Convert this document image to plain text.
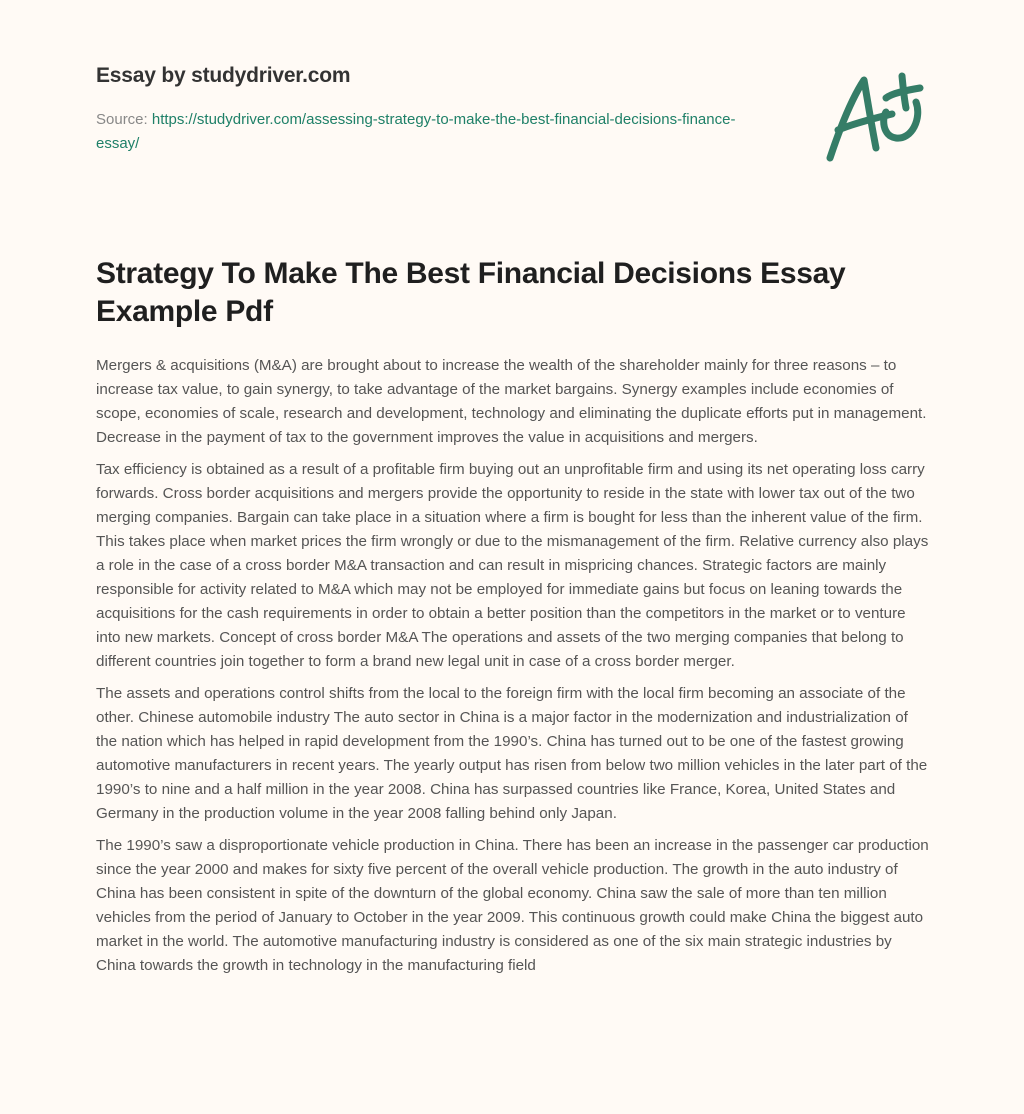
Essay by studydriver.com
Source: https://studydriver.com/assessing-strategy-to-make-the-best-financial-decisions-finance-essay/
Strategy To Make The Best Financial Decisions Essay Example Pdf

Mergers & acquisitions (M&A) are brought about to increase the wealth of the shareholder mainly for three reasons – to increase tax value, to gain synergy, to take advantage of the market bargains. Synergy examples include economies of scope, economies of scale, research and development, technology and eliminating the duplicate efforts put in management. Decrease in the payment of tax to the government improves the value in acquisitions and mergers.

Tax efficiency is obtained as a result of a profitable firm buying out an unprofitable firm and using its net operating loss carry forwards. Cross border acquisitions and mergers provide the opportunity to reside in the state with lower tax out of the two merging companies. Bargain can take place in a situation where a firm is bought for less than the inherent value of the firm. This takes place when market prices the firm wrongly or due to the mismanagement of the firm. Relative currency also plays a role in the case of a cross border M&A transaction and can result in mispricing chances. Strategic factors are mainly responsible for activity related to M&A which may not be employed for immediate gains but focus on leaning towards the acquisitions for the cash requirements in order to obtain a better position than the competitors in the market or to venture into new markets. Concept of cross border M&A The operations and assets of the two merging companies that belong to different countries join together to form a brand new legal unit in case of a cross border merger.

The assets and operations control shifts from the local to the foreign firm with the local firm becoming an associate of the other. Chinese automobile industry The auto sector in China is a major factor in the modernization and industrialization of the nation which has helped in rapid development from the 1990’s. China has turned out to be one of the fastest growing automotive manufacturers in recent years. The yearly output has risen from below two million vehicles in the later part of the 1990’s to nine and a half million in the year 2008. China has surpassed countries like France, Korea, United States and Germany in the production volume in the year 2008 falling behind only Japan.

The 1990’s saw a disproportionate vehicle production in China. There has been an increase in the passenger car production since the year 2000 and makes for sixty five percent of the overall vehicle production. The growth in the auto industry of China has been consistent in spite of the downturn of the global economy. China saw the sale of more than ten million vehicles from the period of January to October in the year 2009. This continuous growth could make China the biggest auto market in the world. The automotive manufacturing industry is considered as one of the six main strategic industries by China towards the growth in technology in the manufacturing field
